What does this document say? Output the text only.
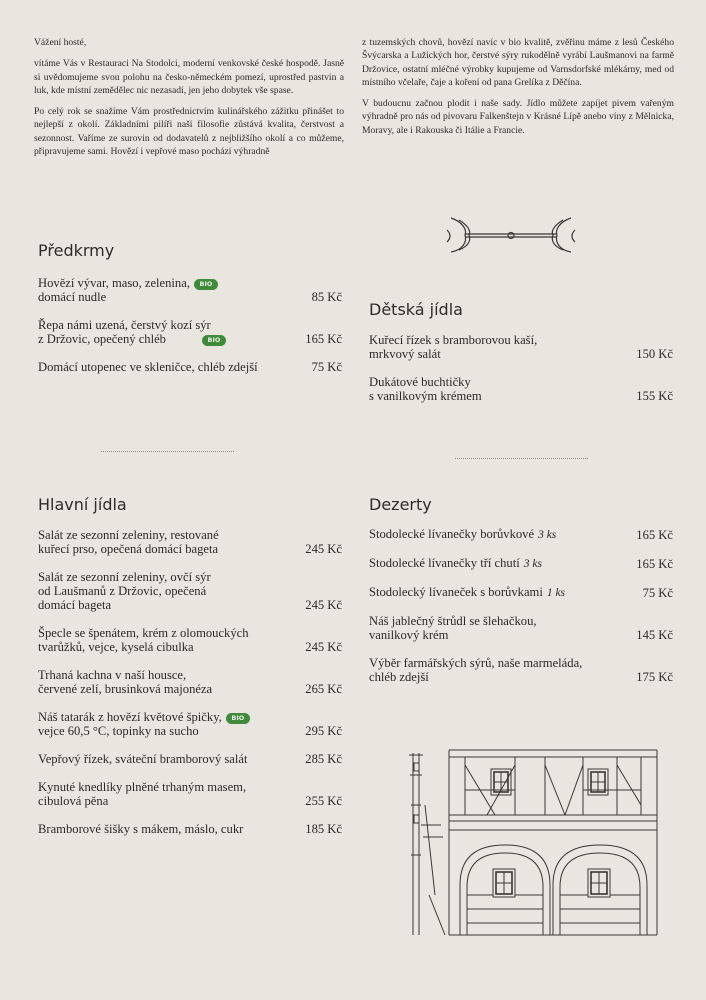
Vážení hosté,

vítáme Vás v Restauraci Na Stodolci, moderní venkovské české hospodě. Jasně si uvědomujeme svou polohu na česko-německém pomezí, uprostřed pastvin a luk, kde místní zemědělec nic nezasadí, jen jeho dobytek vše spase.

Po celý rok se snažíme Vám prostřednictvím kulinářského zážitku přinášet to nejlepší z okolí. Základními pilíři naší filosofie zůstává kvalita, čerstvost a sezonnost. Vaříme ze surovin od dodavatelů z nejbližšího okolí a co můžeme, připravujeme sami. Hovězí i vepřové maso pochází výhradně

z tuzemských chovů, hovězí navíc v bio kvalitě, zvěřinu máme z lesů Českého Švýcarska a Lužických hor, čerstvé sýry rukodělně vyrábí Laušmanovi na farmě Držovice, ostatní mléčné výrobky kupujeme od Varnsdorfské mlékárny, med od místního včelaře, čaje a koření od pana Grelíka z Děčína.

V budoucnu začnou plodit i naše sady. Jídlo můžete zapíjet pivem vařeným výhradně pro nás od pivovaru Falkenštejn v Krásné Lípě anebo víny z Mělnicka, Moravy, ale i Rakouska či Itálie a Francie.

Předkrmy
Hovězí vývar, maso, zelenina, BIO
domácí nudle	85 Kč
Řepa námi uzená, čerstvý kozí sýr
z Držovic, opečený chléb	BIO	165 Kč
Domácí utopenec ve skleničce, chléb zdejší	75 Kč
Dětská jídla
Kuřecí řízek s bramborovou kaší,
mrkvový salát	150 Kč
Dukátové buchtičky
s vanilkovým krémem	155 Kč
Hlavní jídla
Salát ze sezonní zeleniny, restované
kuřecí prso, opečená domácí bageta	245 Kč
Salát ze sezonní zeleniny, ovčí sýr
od Laušmanů z Držovic, opečená
domácí bageta	245 Kč
Špecle se špenátem, krém z olomouckých
tvarůžků, vejce, kyselá cibulka	245 Kč
Trhaná kachna v naší housce,
červené zelí, brusinková majonéza	265 Kč
Náš tatarák z hovězí květové špičky, BIO
vejce 60,5 °C, topinky na sucho	295 Kč
Vepřový řízek, sváteční bramborový salát	285 Kč
Kynuté knedlíky plněné trhaným masem,
cibulová pěna	255 Kč
Bramborové šišky s mákem, máslo, cukr	185 Kč
Dezerty
Stodolecké lívanečky borůvkové 3 ks	165 Kč
Stodolecké lívanečky tří chutí 3 ks	165 Kč
Stodolecký lívaneček s borůvkami 1 ks	75 Kč
Náš jablečný štrůdl se šlehačkou,
vanilkový krém	145 Kč
Výběr farmářských sýrů, naše marmeláda,
chléb zdejší	175 Kč
